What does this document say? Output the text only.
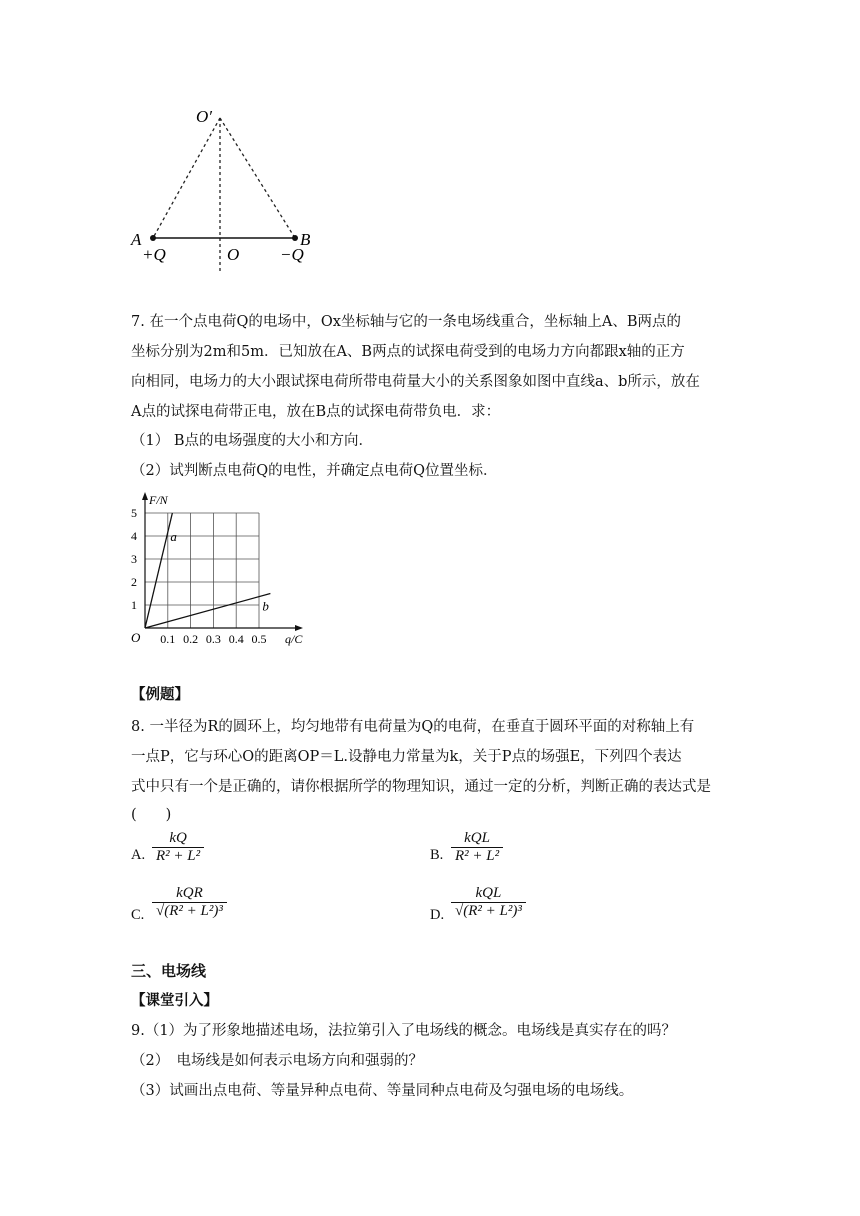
O′
A	B
+Q	O −Q
7. 在一个点电荷Q的电场中，Ox坐标轴与它的一条电场线重合，坐标轴上A、B两点的
坐标分别为2m和5m．已知放在A、B两点的试探电荷受到的电场力方向都跟x轴的正方
向相同，电场力的大小跟试探电荷所带电荷量大小的关系图象如图中直线a、b所示，放在
A点的试探电荷带正电，放在B点的试探电荷带负电．求：
（1） B点的电场强度的大小和方向．
（2）试判断点电荷Q的电性，并确定点电荷Q位置坐标．
0.1 0.2 0.3 0.4 0.5
1
2
3
4
5
O	q/C
F/N
a
b
【例题】
8. 一半径为R的圆环上，均匀地带有电荷量为Q的电荷，在垂直于圆环平面的对称轴上有
一点P，它与环心O的距离OP＝L.设静电力常量为k，关于P点的场强E，下列四个表达
式中只有一个是正确的，请你根据所学的物理知识，通过一定的分析，判断正确的表达式是
(　　)
A. $\frac{kQ}{\text{R² + L²}}$	B.
kQL
R² + L²
C.
kQR
√(R² + L²)³	D.
kQL
√(R² + L²)³
三、电场线
【课堂引入】
9.（1）为了形象地描述电场，法拉第引入了电场线的概念。电场线是真实存在的吗？
（2）　电场线是如何表示电场方向和强弱的？
（3）试画出点电荷、等量异种点电荷、等量同种点电荷及匀强电场的电场线。
